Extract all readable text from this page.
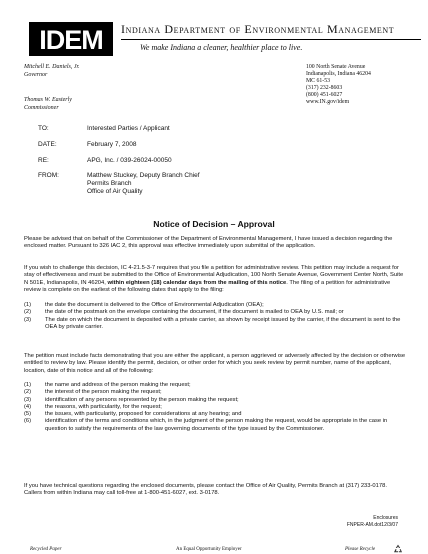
IDEM Indiana Department of Environmental Management
We make Indiana a cleaner, healthier place to live.
Mitchell E. Daniels, Jr.
Governor
Thomas W. Easterly
Commissioner
100 North Senate Avenue
Indianapolis, Indiana 46204
MC 61-53
(317) 232-8603
(800) 451-6027
www.IN.gov/idem
TO:	Interested Parties / Applicant
DATE:	February 7, 2008
RE:	APG, Inc. / 039-26024-00050
FROM:	Matthew Stuckey, Deputy Branch Chief
Permits Branch
Office of Air Quality
Notice of Decision – Approval

Please be advised that on behalf of the Commissioner of the Department of Environmental Management, I have issued a decision regarding the enclosed matter. Pursuant to 326 IAC 2, this approval was effective immediately upon submittal of the application.

If you wish to challenge this decision, IC 4-21.5-3-7 requires that you file a petition for administrative review. This petition may include a request for stay of effectiveness and must be submitted to the Office of Environmental Adjudication, 100 North Senate Avenue, Government Center North, Suite N 501E, Indianapolis, IN 46204, within eighteen (18) calendar days from the mailing of this notice. The filing of a petition for administrative review is complete on the earliest of the following dates that apply to the filing:

(1) the date the document is delivered to the Office of Environmental Adjudication (OEA);
(2) the date of the postmark on the envelope containing the document, if the document is mailed to OEA by U.S. mail; or
(3) The date on which the document is deposited with a private carrier, as shown by receipt issued by the carrier, if the document is sent to the OEA by private carrier.

The petition must include facts demonstrating that you are either the applicant, a person aggrieved or adversely affected by the decision or otherwise entitled to review by law. Please identify the permit, decision, or other order for which you seek review by permit number, name of the applicant, location, date of this notice and all of the following:

(1) the name and address of the person making the request;
(2) the interest of the person making the request;
(3) identification of any persons represented by the person making the request;
(4) the reasons, with particularity, for the request;
(5) the issues, with particularity, proposed for considerations at any hearing; and
(6) identification of the terms and conditions which, in the judgment of the person making the request, would be appropriate in the case in question to satisfy the requirements of the law governing documents of the type issued by the Commissioner.

If you have technical questions regarding the enclosed documents, please contact the Office of Air Quality, Permits Branch at (317) 233-0178. Callers from within Indiana may call toll-free at 1-800-451-6027, ext. 3-0178.

Enclosures
FNPER-AM.dot12/3/07
Recycled Paper	An Equal Opportunity Employer	Please Recycle
